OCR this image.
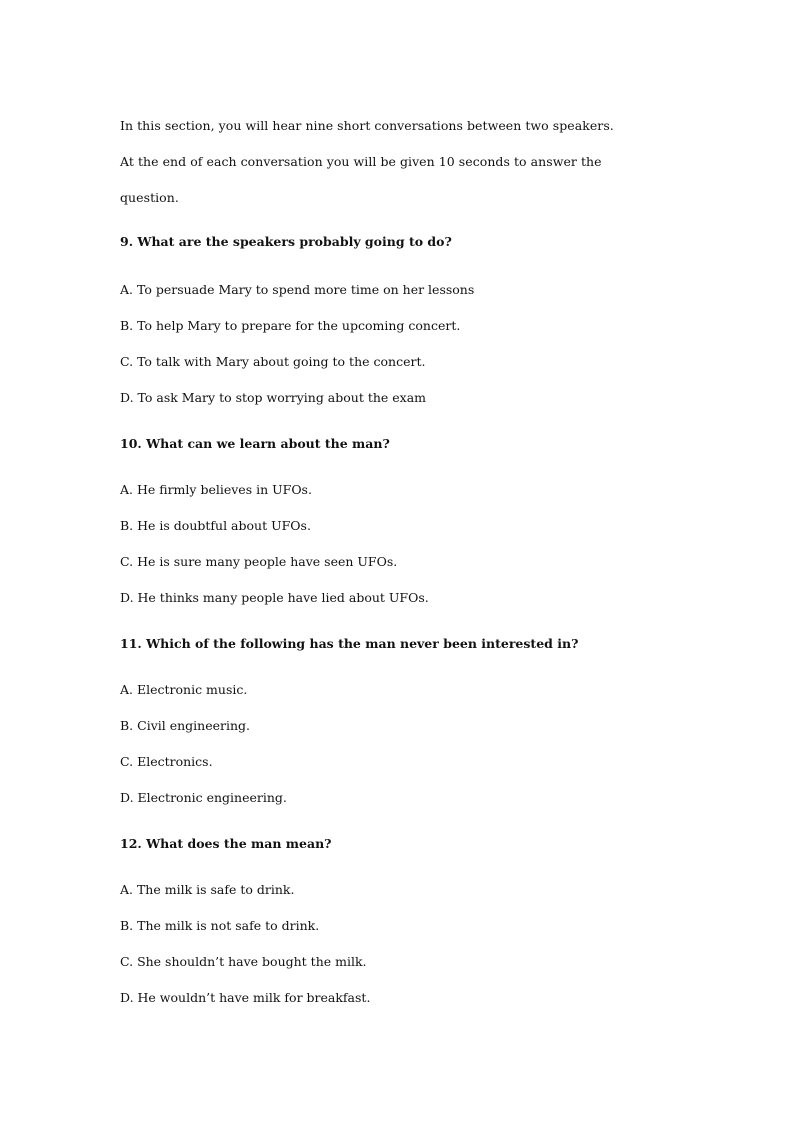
In this section, you will hear nine short conversations between two speakers.
At the end of each conversation you will be given 10 seconds to answer the
question.
9. What are the speakers probably going to do?
A. To persuade Mary to spend more time on her lessons
B. To help Mary to prepare for the upcoming concert.
C. To talk with Mary about going to the concert.
D. To ask Mary to stop worrying about the exam
10. What can we learn about the man?
A. He firmly believes in UFOs.
B. He is doubtful about UFOs.
C. He is sure many people have seen UFOs.
D. He thinks many people have lied about UFOs.
11. Which of the following has the man never been interested in?
A. Electronic music.
B. Civil engineering.
C. Electronics.
D. Electronic engineering.
12. What does the man mean?
A. The milk is safe to drink.
B. The milk is not safe to drink.
C. She shouldn’t have bought the milk.
D. He wouldn’t have milk for breakfast.
